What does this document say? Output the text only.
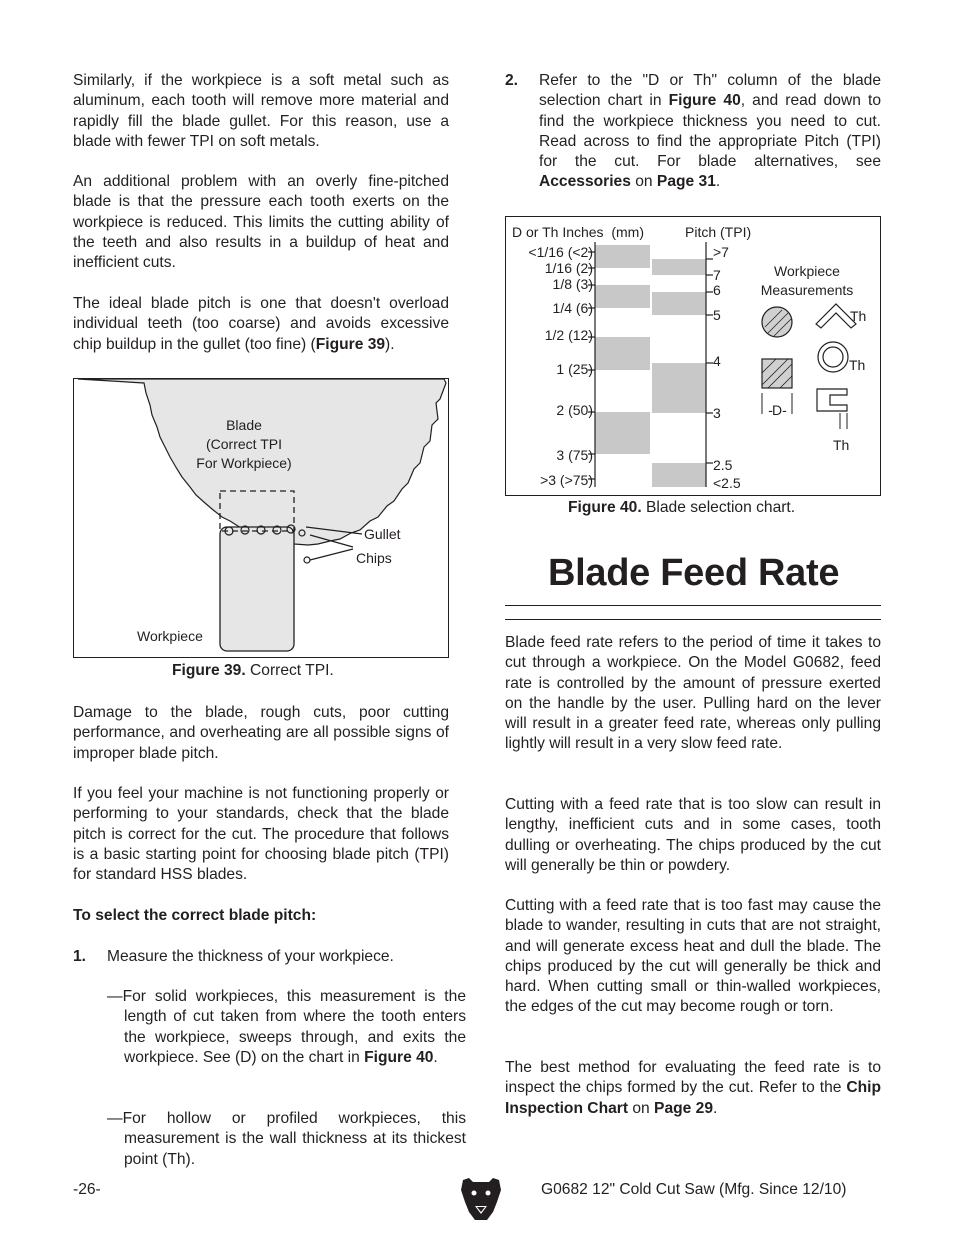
Similarly, if the workpiece is a soft metal such as aluminum, each tooth will remove more material and rapidly fill the blade gullet. For this reason, use a blade with fewer TPI on soft metals.

An additional problem with an overly fine-pitched blade is that the pressure each tooth exerts on the workpiece is reduced. This limits the cutting ability of the teeth and also results in a buildup of heat and inefficient cuts.

The ideal blade pitch is one that doesn't overload individual teeth (too coarse) and avoids excessive chip buildup in the gullet (too fine) (Figure 39).

Blade
(Correct TPI
For Workpiece)
Gullet
Chips
Workpiece
Figure 39. Correct TPI.

Damage to the blade, rough cuts, poor cutting performance, and overheating are all possible signs of improper blade pitch.

If you feel your machine is not functioning properly or performing to your standards, check that the blade pitch is correct for the cut. The procedure that follows is a basic starting point for choosing blade pitch (TPI) for standard HSS blades.

To select the correct blade pitch:

1. Measure the thickness of your workpiece.

—For solid workpieces, this measurement is the length of cut taken from where the tooth enters the workpiece, sweeps through, and exits the workpiece. See (D) on the chart in Figure 40.

—For hollow or profiled workpieces, this measurement is the wall thickness at its thickest point (Th).

2. Refer to the "D or Th" column of the blade selection chart in Figure 40, and read down to find the workpiece thickness you need to cut. Read across to find the appropriate Pitch (TPI) for the cut. For blade alternatives, see Accessories on Page 31.

D or Th Inches (mm)	Pitch (TPI)
<1/16 (<2)
1/16 (2)
1/8 (3)
1/4 (6)
1/2 (12)
1 (25)
2 (50)
3 (75)
>3 (>75)
>7
7
6
5
4
3
2.5
<2.5
Workpiece
Measurements
Th
Th
Th
-D-
Figure 40. Blade selection chart.
Blade Feed Rate

Blade feed rate refers to the period of time it takes to cut through a workpiece. On the Model G0682, feed rate is controlled by the amount of pressure exerted on the handle by the user. Pulling hard on the lever will result in a greater feed rate, whereas only pulling lightly will result in a very slow feed rate.

Cutting with a feed rate that is too slow can result in lengthy, inefficient cuts and in some cases, tooth dulling or overheating. The chips produced by the cut will generally be thin or powdery.

Cutting with a feed rate that is too fast may cause the blade to wander, resulting in cuts that are not straight, and will generate excess heat and dull the blade. The chips produced by the cut will generally be thick and hard. When cutting small or thin-walled workpieces, the edges of the cut may become rough or torn.

The best method for evaluating the feed rate is to inspect the chips formed by the cut. Refer to the Chip Inspection Chart on Page 29.

-26-	G0682 12" Cold Cut Saw (Mfg. Since 12/10)
